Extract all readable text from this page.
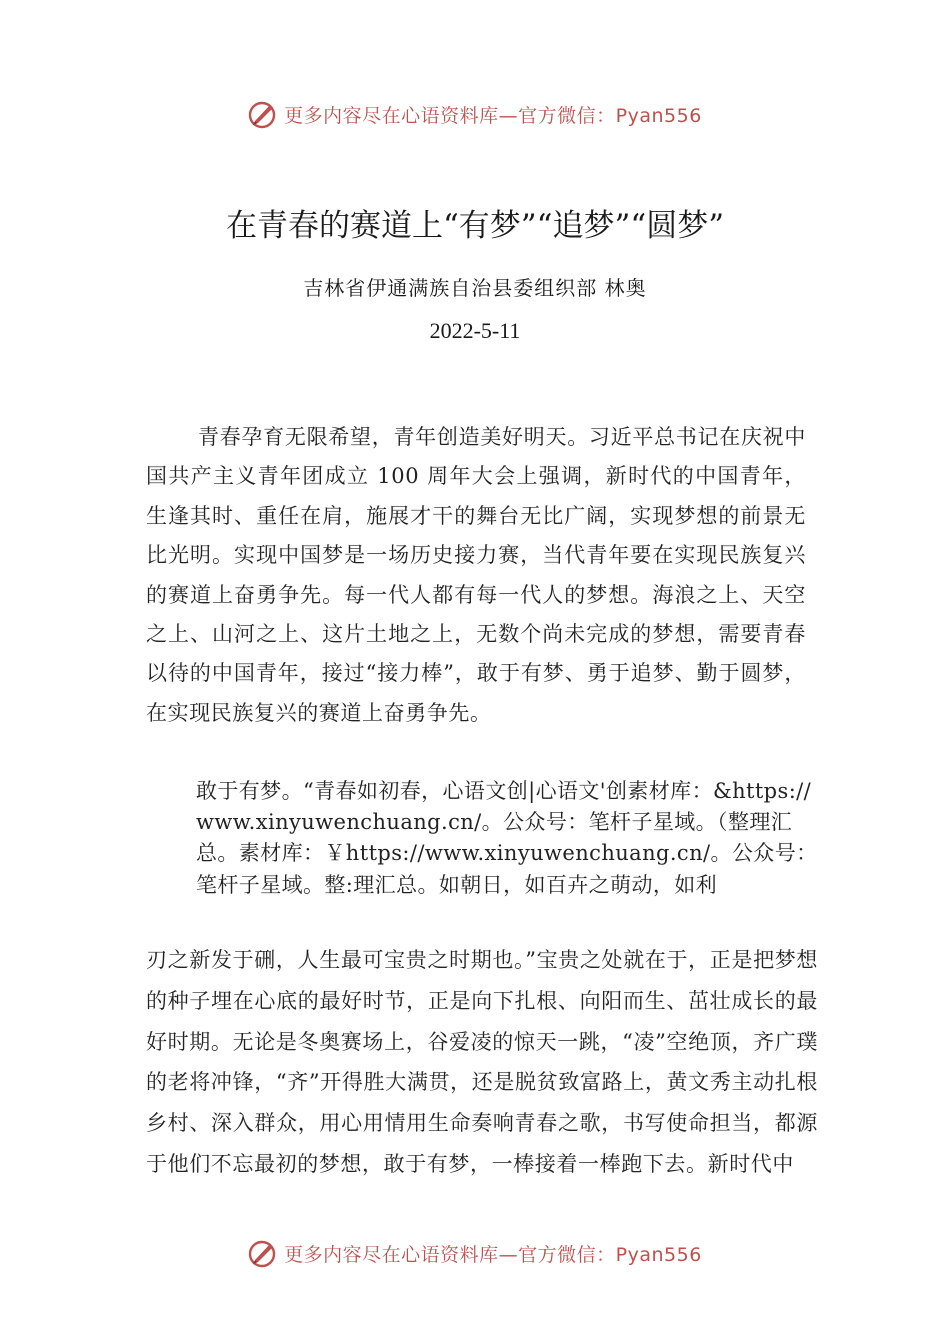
更多内容尽在心语资料库—官方微信：Pyan556
在青春的赛道上“有梦”“追梦”“圆梦”
吉林省伊通满族自治县委组织部 林奥
2022-5-11

青春孕育无限希望，青年创造美好明天。习近平总书记在庆祝中国共产主义青年团成立 100 周年大会上强调，新时代的中国青年，生逢其时、重任在肩，施展才干的舞台无比广阔，实现梦想的前景无比光明。实现中国梦是一场历史接力赛，当代青年要在实现民族复兴的赛道上奋勇争先。每一代人都有每一代人的梦想。海浪之上、天空之上、山河之上、这片土地之上，无数个尚未完成的梦想，需要青春以待的中国青年，接过“接力棒”，敢于有梦、勇于追梦、勤于圆梦，在实现民族复兴的赛道上奋勇争先。

敢于有梦。“青春如初春，心语文创|心语文'创素材库：&https://www.xinyuwenchuang.cn/。公众号：笔杆子星域。（整理汇总。素材库：￥https://www.xinyuwenchuang.cn/。公众号：笔杆子星域。整:理汇总。如朝日，如百卉之萌动，如利

刃之新发于硎，人生最可宝贵之时期也。”宝贵之处就在于，正是把梦想的种子埋在心底的最好时节，正是向下扎根、向阳而生、茁壮成长的最好时期。无论是冬奥赛场上，谷爱凌的惊天一跳，“凌”空绝顶，齐广璞的老将冲锋，“齐”开得胜大满贯，还是脱贫致富路上，黄文秀主动扎根乡村、深入群众，用心用情用生命奏响青春之歌，书写使命担当，都源于他们不忘最初的梦想，敢于有梦，一棒接着一棒跑下去。新时代中

更多内容尽在心语资料库—官方微信：Pyan556
